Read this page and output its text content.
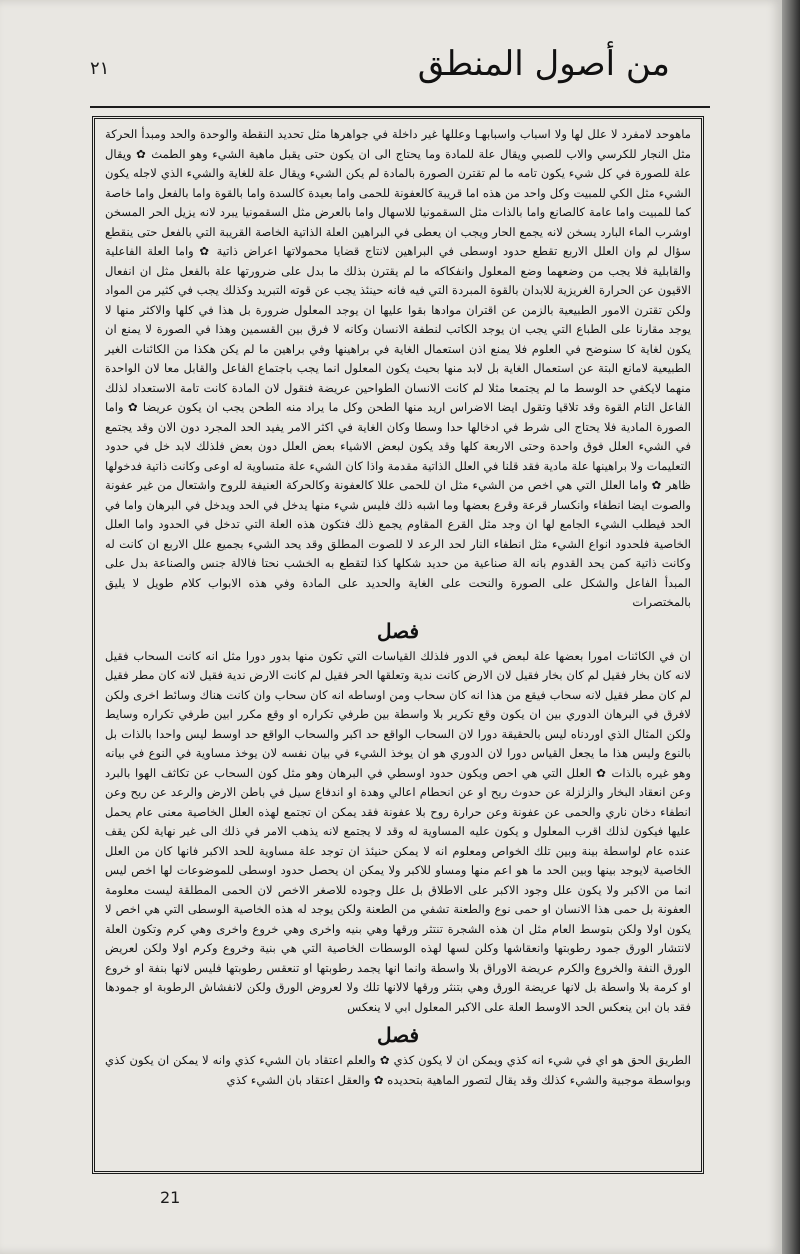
٢١	من أصول المنطق

ماهوحد لامفرد لا علل لها ولا اسباب واسبابهـا وعللها غير داخلة في جواهرها مثل تحديد النقطة والوحدة والحد ومبدأ الحركة مثل النجار للكرسي والاب للصبي ويقال علة للمادة وما يحتاج الى ان يكون حتى يقبل ماهية الشيء وهو الطمث ✿ ويقال علة للصورة في كل شيء يكون تامه ما لم تقترن الصورة بالمادة لم يكن الشيء ويقال علة للغاية والشيء الذي لاجله يكون الشيء مثل الكي للمبيت وكل واحد من هذه اما قريبة كالعفونة للحمى واما بعيدة كالسدة واما بالقوة واما بالفعل واما خاصة كما للمبيت واما عامة كالصانع واما بالذات مثل السقمونيا للاسهال واما بالعرض مثل السقمونيا يبرد لانه يزيل الحر المسخن اوشرب الماء البارد يسخن لانه يجمع الحار ويجب ان يعطى في البراهين العلة الذاتية الخاصة القريبة التي بالفعل حتى ينقطع سؤال لم وان العلل الاربع تقطع حدود اوسطى في البراهين لانتاج قضايا محمولاتها اعراض ذاتية ✿ واما العلة الفاعلية والقابلية فلا يجب من وضعهما وضع المعلول وانفكاكه ما لم يقترن بذلك ما بدل على ضرورتها علة بالفعل مثل ان انفعال الاقيون عن الحرارة الغريزية للابدان بالقوة المبردة التي فيه فانه حينئذ يجب عن قوته التبريد وكذلك يجب في كثير من المواد ولكن تقترن الامور الطبيعية بالزمن عن اقتران موادها بقوا عليها ان يوجد المعلول ضرورة بل هذا في كلها والاكثر منها لا يوجد مقارنا على الطباع التي يجب ان يوجد الكاتب لنطفة الانسان وكانه لا فرق بين القسمين وهذا في الصورة لا يمنع ان يكون لغاية كا سنوضح في العلوم فلا يمنع اذن استعمال الغاية في براهينها وفي براهين ما لم يكن هكذا من الكائنات الغير الطبيعية لامانع البتة عن استعمال الغاية بل لابد منها بحيث يكون المعلول انما يجب باجتماع الفاعل والقابل معا لان الواحدة منهما لايكفي حد الوسط ما لم يجتمعا مثلا لم كانت الانسان الطواحين عريضة فنقول لان المادة كانت تامة الاستعداد لذلك الفاعل التام القوة وقد تلاقيا وتقول ايضا الاضراس اريد منها الطحن وكل ما يراد منه الطحن يجب ان يكون عريضا ✿ واما الصورة المادية فلا يحتاج الى شرط في ادخالها حدا وسطا وكان الغاية في اكثر الامر يفيد الحد المجرد دون الان وقد يجتمع في الشيء العلل فوق واحدة وحتى الاربعة كلها وقد يكون لبعض الاشياء بعض العلل دون بعض فلذلك لابد خل في حدود التعليمات ولا براهينها علة مادية فقد قلنا في العلل الذاتية مقدمة واذا كان الشيء علة متساوية له اوعى وكانت ذاتية فدخولها ظاهر ✿ واما العلل التي هي اخص من الشيء مثل ان للحمى عللا كالعفونة وكالحركة العنيفة للروح واشتعال من غير عفونة والصوت ايضا انطفاء وانكسار قرعة وقرع بعضها وما اشبه ذلك فليس شيء منها يدخل في الحد ويدخل في البرهان واما في الحد فيطلب الشيء الجامع لها ان وجد مثل القرع المقاوم يجمع ذلك فتكون هذه العلة التي تدخل في الحدود واما العلل الخاصية فلحدود انواع الشيء مثل انطفاء النار لحد الرعد لا للصوت المطلق وقد يحد الشيء بجميع علل الاربع ان كانت له وكانت ذاتية كمن يحد القدوم بانه الة صناعية من حديد شكلها كذا لتقطع به الخشب نحتا فالالة جنس والصناعة بدل على المبدأ الفاعل والشكل على الصورة والنحت على الغاية والحديد على المادة وفي هذه الابواب كلام طويل لا يليق بالمختصرات

فصل

ان في الكائنات امورا بعضها علة لبعض في الدور فلذلك القياسات التي تكون منها بدور دورا مثل انه كانت السحاب فقيل لانه كان بخار فقيل لم كان بخار فقيل لان الارض كانت ندية وتعلقها الحر فقيل لم كانت الارض ندية فقيل لانه كان مطر فقيل لم كان مطر فقيل لانه سحاب فيقع من هذا انه كان سحاب ومن اوساطه انه كان سحاب وان كانت هناك وسائط اخرى ولكن لافرق في البرهان الدوري بين ان يكون وقع تكرير بلا واسطة بين طرفي تكراره او وقع مكرر ابين طرفي تكراره وسايط ولكن المثال الذي اوردناه ليس بالحقيقة دورا لان السحاب الواقع حد اكبر والسحاب الواقع حد اوسط ليس واحدا بالذات بل بالنوع وليس هذا ما يجعل القياس دورا لان الدوري هو ان يوخذ الشيء في بيان نفسه لان يوخذ مساوية في النوع في بيانه وهو غيره بالذات ✿ العلل التي هي احص ويكون حدود اوسطي في البرهان وهو مثل كون السحاب عن تكاثف الهوا بالبرد وعن انعقاد البخار والزلزلة عن حدوث ريح او عن انحطام اعالي وهدة او اندفاع سيل في باطن الارض والرعد عن ريح وعن انطفاء دخان ناري والحمى عن عفونة وعن حرارة روح بلا عفونة فقد يمكن ان تجتمع لهذه العلل الخاصية معنى عام يحمل عليها فيكون لذلك اقرب المعلول و يكون عليه المساوية له وقد لا يجتمع لانه يذهب الامر في ذلك الى غير نهاية لكن يقف عنده عام لواسطة بينة وبين تلك الخواص ومعلوم انه لا يمكن حنيئذ ان توجد علة مساوية للحد الاكبر فانها كان من العلل الخاصية لايوجد بينها وبين الحد ما هو اعم منها ومساو للاكبر ولا يمكن ان يحصل حدود اوسطى للموضوعات لها اخص ليس انما من الاكبر ولا يكون علل وجود الاكبر على الاطلاق بل علل وجوده للاصغر الاخص لان الحمى المطلقة ليست معلومة العفونة بل حمى هذا الانسان او حمى نوع والطعنة تشفي من الطعنة ولكن يوجد له هذه الخاصية الوسطى التي هي اخص لا يكون اولا ولكن بتوسط العام مثل ان هذه الشجرة تنتثر ورقها وهي بنيه واخرى وهي خروع واخرى وهي كرم وتكون العلة لانتشار الورق جمود رطوبتها وانعقاشها وكلن لسها لهذه الوسطات الخاصية التي هي بنية وخروع وكرم اولا ولكن لعريض الورق النفة والخروع والكرم عريضة الاوراق بلا واسطة وانما انها يجمد رطوبتها او تنعقس رطوبتها فليس لانها بنفة او خروع او كرمة بلا واسطة بل لانها عريضة الورق وهي بتنثر ورقها لالانها تلك ولا لعروض الورق ولكن لانفشاش الرطوبة او جمودها فقد بان ابن ينعكس الحد الاوسط العلة على الاكبر المعلول ابي لا ينعكس

فصل

الطريق الحق هو اي في شيء انه كذي ويمكن ان لا يكون كذي ✿ والعلم اعتقاد بان الشيء كذي وانه لا يمكن ان يكون كذي وبواسطة موجبية والشيء كذلك وقد يقال لتصور الماهية بتحديده ✿ والعقل اعتقاد بان الشيء كذي

21
